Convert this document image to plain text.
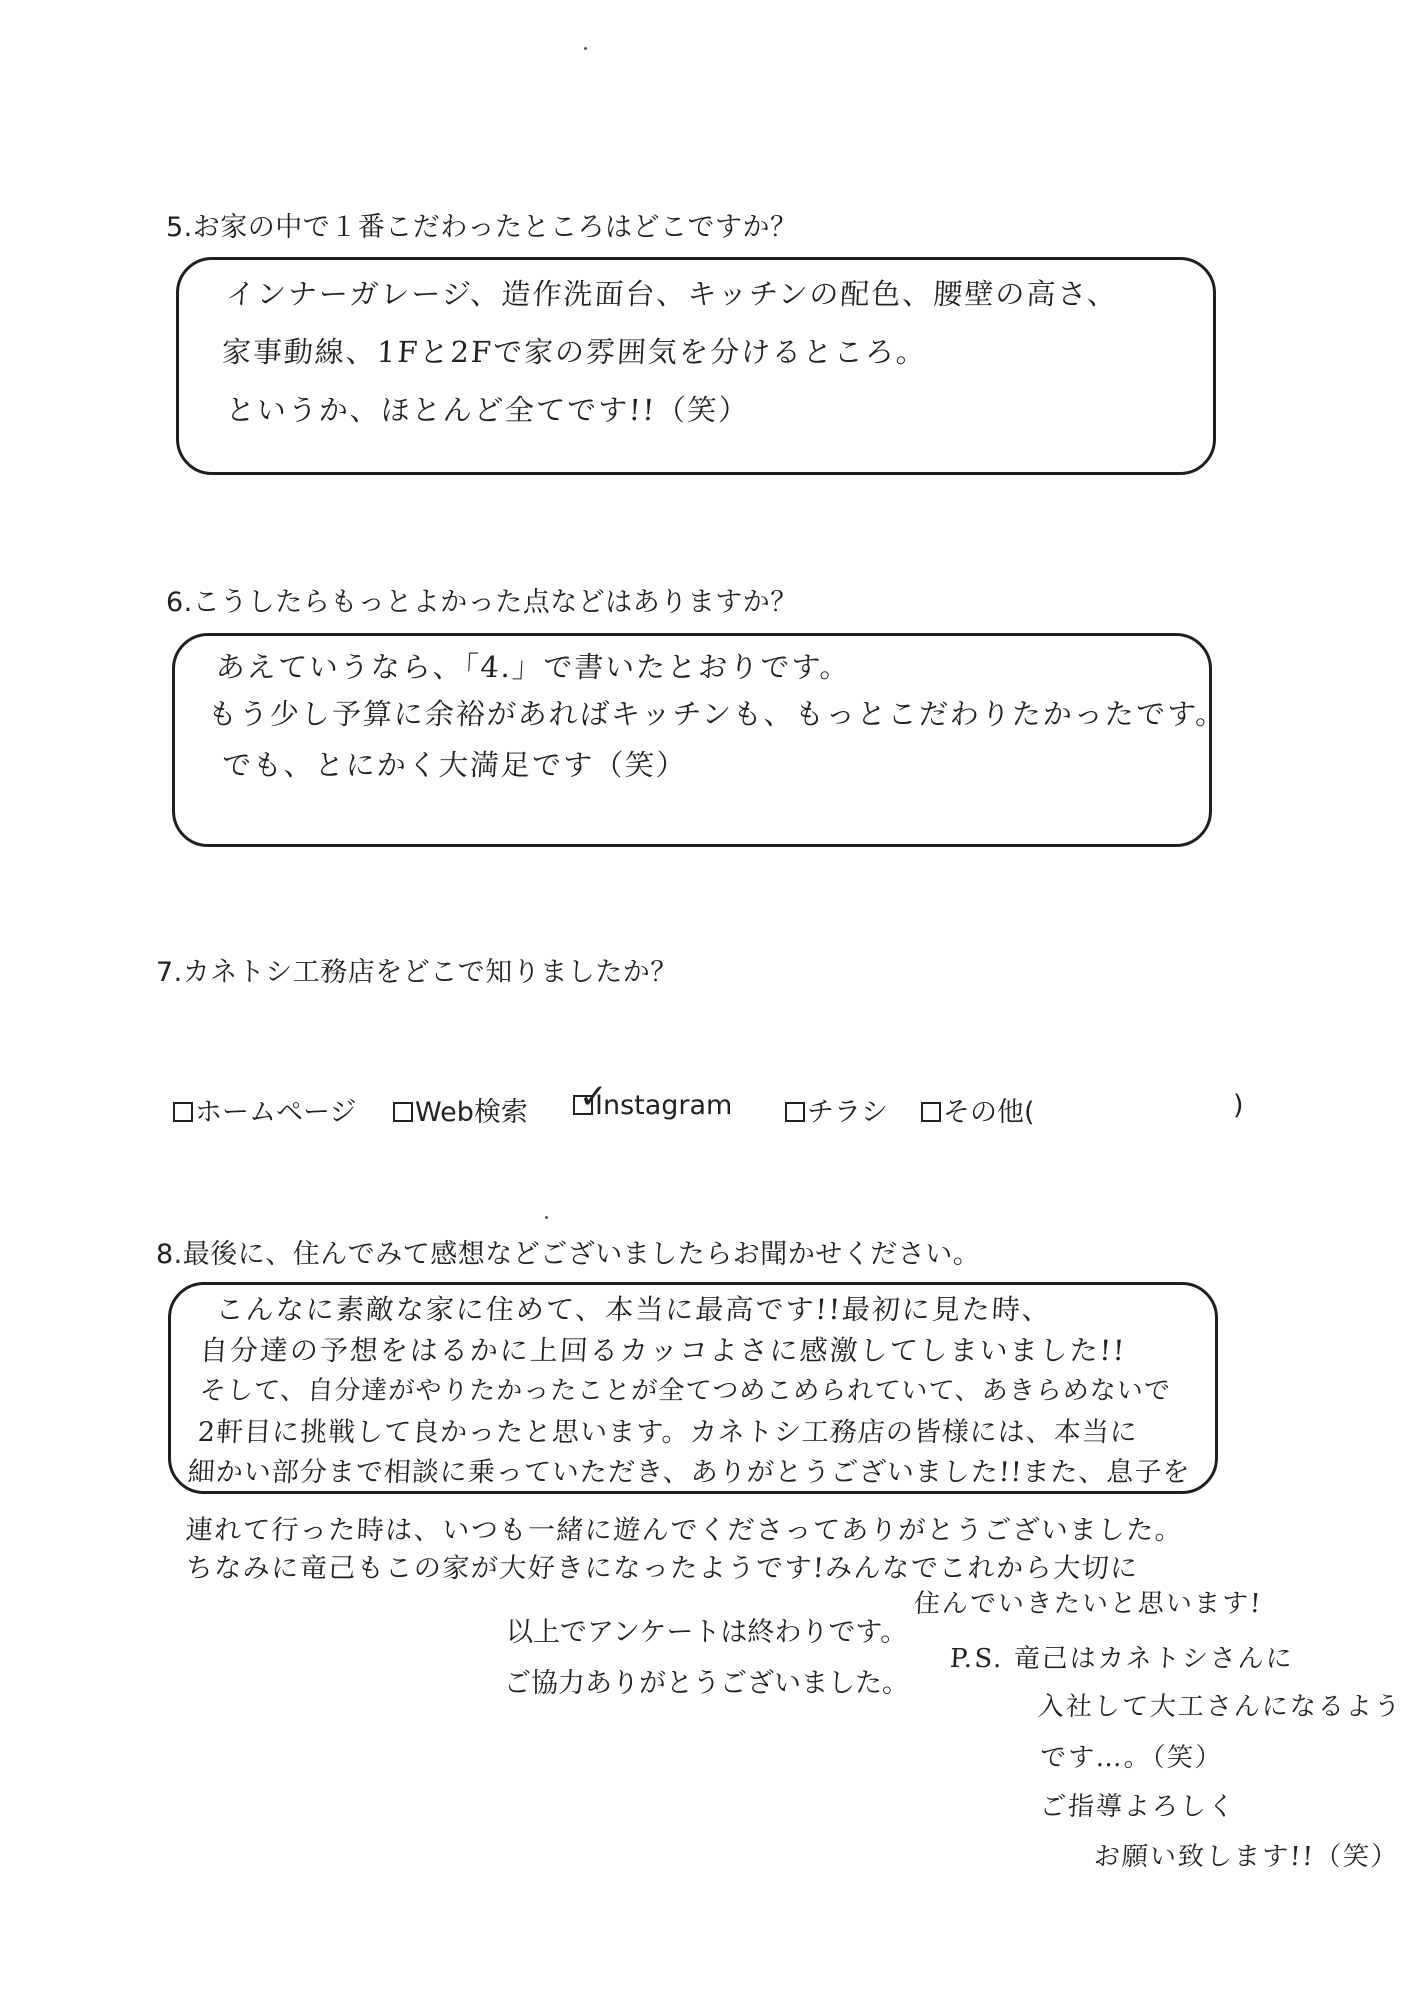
5.お家の中で１番こだわったところはどこですか？

インナーガレージ、造作洗面台、キッチンの配色、腰壁の高さ、

家事動線、1Fと2Fで家の雰囲気を分けるところ。

というか、ほとんど全てです!!（笑）

6.こうしたらもっとよかった点などはありますか？

あえていうなら、「4.」で書いたとおりです。

もう少し予算に余裕があればキッチンも、もっとこだわりたかったです。

でも、とにかく大満足です（笑）

7.カネトシ工務店をどこで知りましたか？
ホームページ	Web検索 ✓
Instagram	チラシ	その他(	)
8.最後に、住んでみて感想などございましたらお聞かせください。

こんなに素敵な家に住めて、本当に最高です!!最初に見た時、

自分達の予想をはるかに上回るカッコよさに感激してしまいました!!

そして、自分達がやりたかったことが全てつめこめられていて、あきらめないで

2軒目に挑戦して良かったと思います。カネトシ工務店の皆様には、本当に

細かい部分まで相談に乗っていただき、ありがとうございました!!また、息子を

連れて行った時は、いつも一緒に遊んでくださってありがとうございました。

ちなみに竜己もこの家が大好きになったようです!みんなでこれから大切に

住んでいきたいと思います!

以上でアンケートは終わりです。
ご協力ありがとうございました。

P.S. 竜己はカネトシさんに

入社して大工さんになるよう

です…。（笑）

ご指導よろしく

お願い致します!!（笑）
